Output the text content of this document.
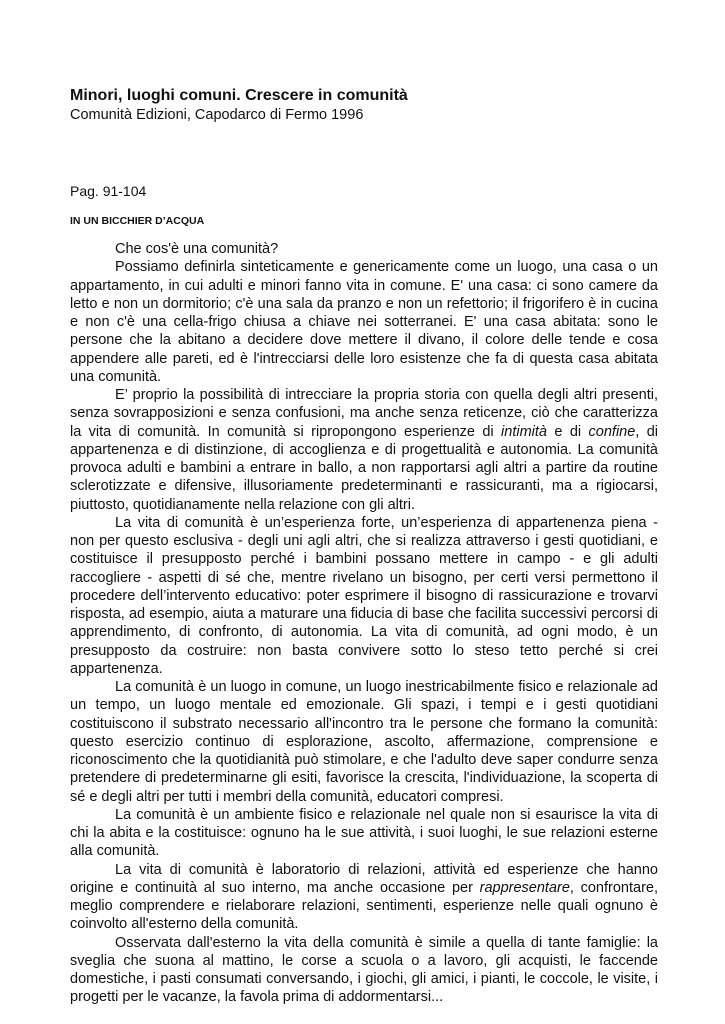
Minori, luoghi comuni. Crescere in comunità

Comunità Edizioni, Capodarco di Fermo 1996

Pag. 91-104
IN UN BICCHIER D’ACQUA

Che cos'è una comunità?

Possiamo definirla sinteticamente e genericamente come un luogo, una casa o un appartamento, in cui adulti e minori fanno vita in comune. E' una casa: ci sono camere da letto e non un dormitorio; c'è una sala da pranzo e non un refettorio; il frigorifero è in cucina e non c'è una cella-frigo chiusa a chiave nei sotterranei. E' una casa abitata: sono le persone che la abitano a decidere dove mettere il divano, il colore delle tende e cosa appendere alle pareti, ed è l'intrecciarsi delle loro esistenze che fa di questa casa abitata una comunità.

E’ proprio la possibilità di intrecciare la propria storia con quella degli altri presenti, senza sovrapposizioni e senza confusioni, ma anche senza reticenze, ciò che caratterizza la vita di comunità. In comunità si ripropongono esperienze di intimità e di confine, di appartenenza e di distinzione, di accoglienza e di progettualità e autonomia. La comunità provoca adulti e bambini a entrare in ballo, a non rapportarsi agli altri a partire da routine sclerotizzate e difensive, illusoriamente predeterminanti e rassicuranti, ma a rigiocarsi, piuttosto, quotidianamente nella relazione con gli altri.

La vita di comunità è un’esperienza forte, un’esperienza di appartenenza piena - non per questo esclusiva - degli uni agli altri, che si realizza attraverso i gesti quotidiani, e costituisce il presupposto perché i bambini possano mettere in campo - e gli adulti raccogliere - aspetti di sé che, mentre rivelano un bisogno, per certi versi permettono il procedere dell’intervento educativo: poter esprimere il bisogno di rassicurazione e trovarvi risposta, ad esempio, aiuta a maturare una fiducia di base che facilita successivi percorsi di apprendimento, di confronto, di autonomia. La vita di comunità, ad ogni modo, è un presupposto da costruire: non basta convivere sotto lo steso tetto perché si crei appartenenza.

La comunità è un luogo in comune, un luogo inestricabilmente fisico e relazionale ad un tempo, un luogo mentale ed emozionale. Gli spazi, i tempi e i gesti quotidiani costituiscono il substrato necessario all'incontro tra le persone che formano la comunità: questo esercizio continuo di esplorazione, ascolto, affermazione, comprensione e riconoscimento che la quotidianità può stimolare, e che l'adulto deve saper condurre senza pretendere di predeterminarne gli esiti, favorisce la crescita, l'individuazione, la scoperta di sé e degli altri per tutti i membri della comunità, educatori compresi.

La comunità è un ambiente fisico e relazionale nel quale non si esaurisce la vita di chi la abita e la costituisce: ognuno ha le sue attività, i suoi luoghi, le sue relazioni esterne alla comunità.

La vita di comunità è laboratorio di relazioni, attività ed esperienze che hanno origine e continuità al suo interno, ma anche occasione per rappresentare, confrontare, meglio comprendere e rielaborare relazioni, sentimenti, esperienze nelle quali ognuno è coinvolto all'esterno della comunità.

Osservata dall'esterno la vita della comunità è simile a quella di tante famiglie: la sveglia che suona al mattino, le corse a scuola o a lavoro, gli acquisti, le faccende domestiche, i pasti consumati conversando, i giochi, gli amici, i pianti, le coccole, le visite, i progetti per le vacanze, la favola prima di addormentarsi...
